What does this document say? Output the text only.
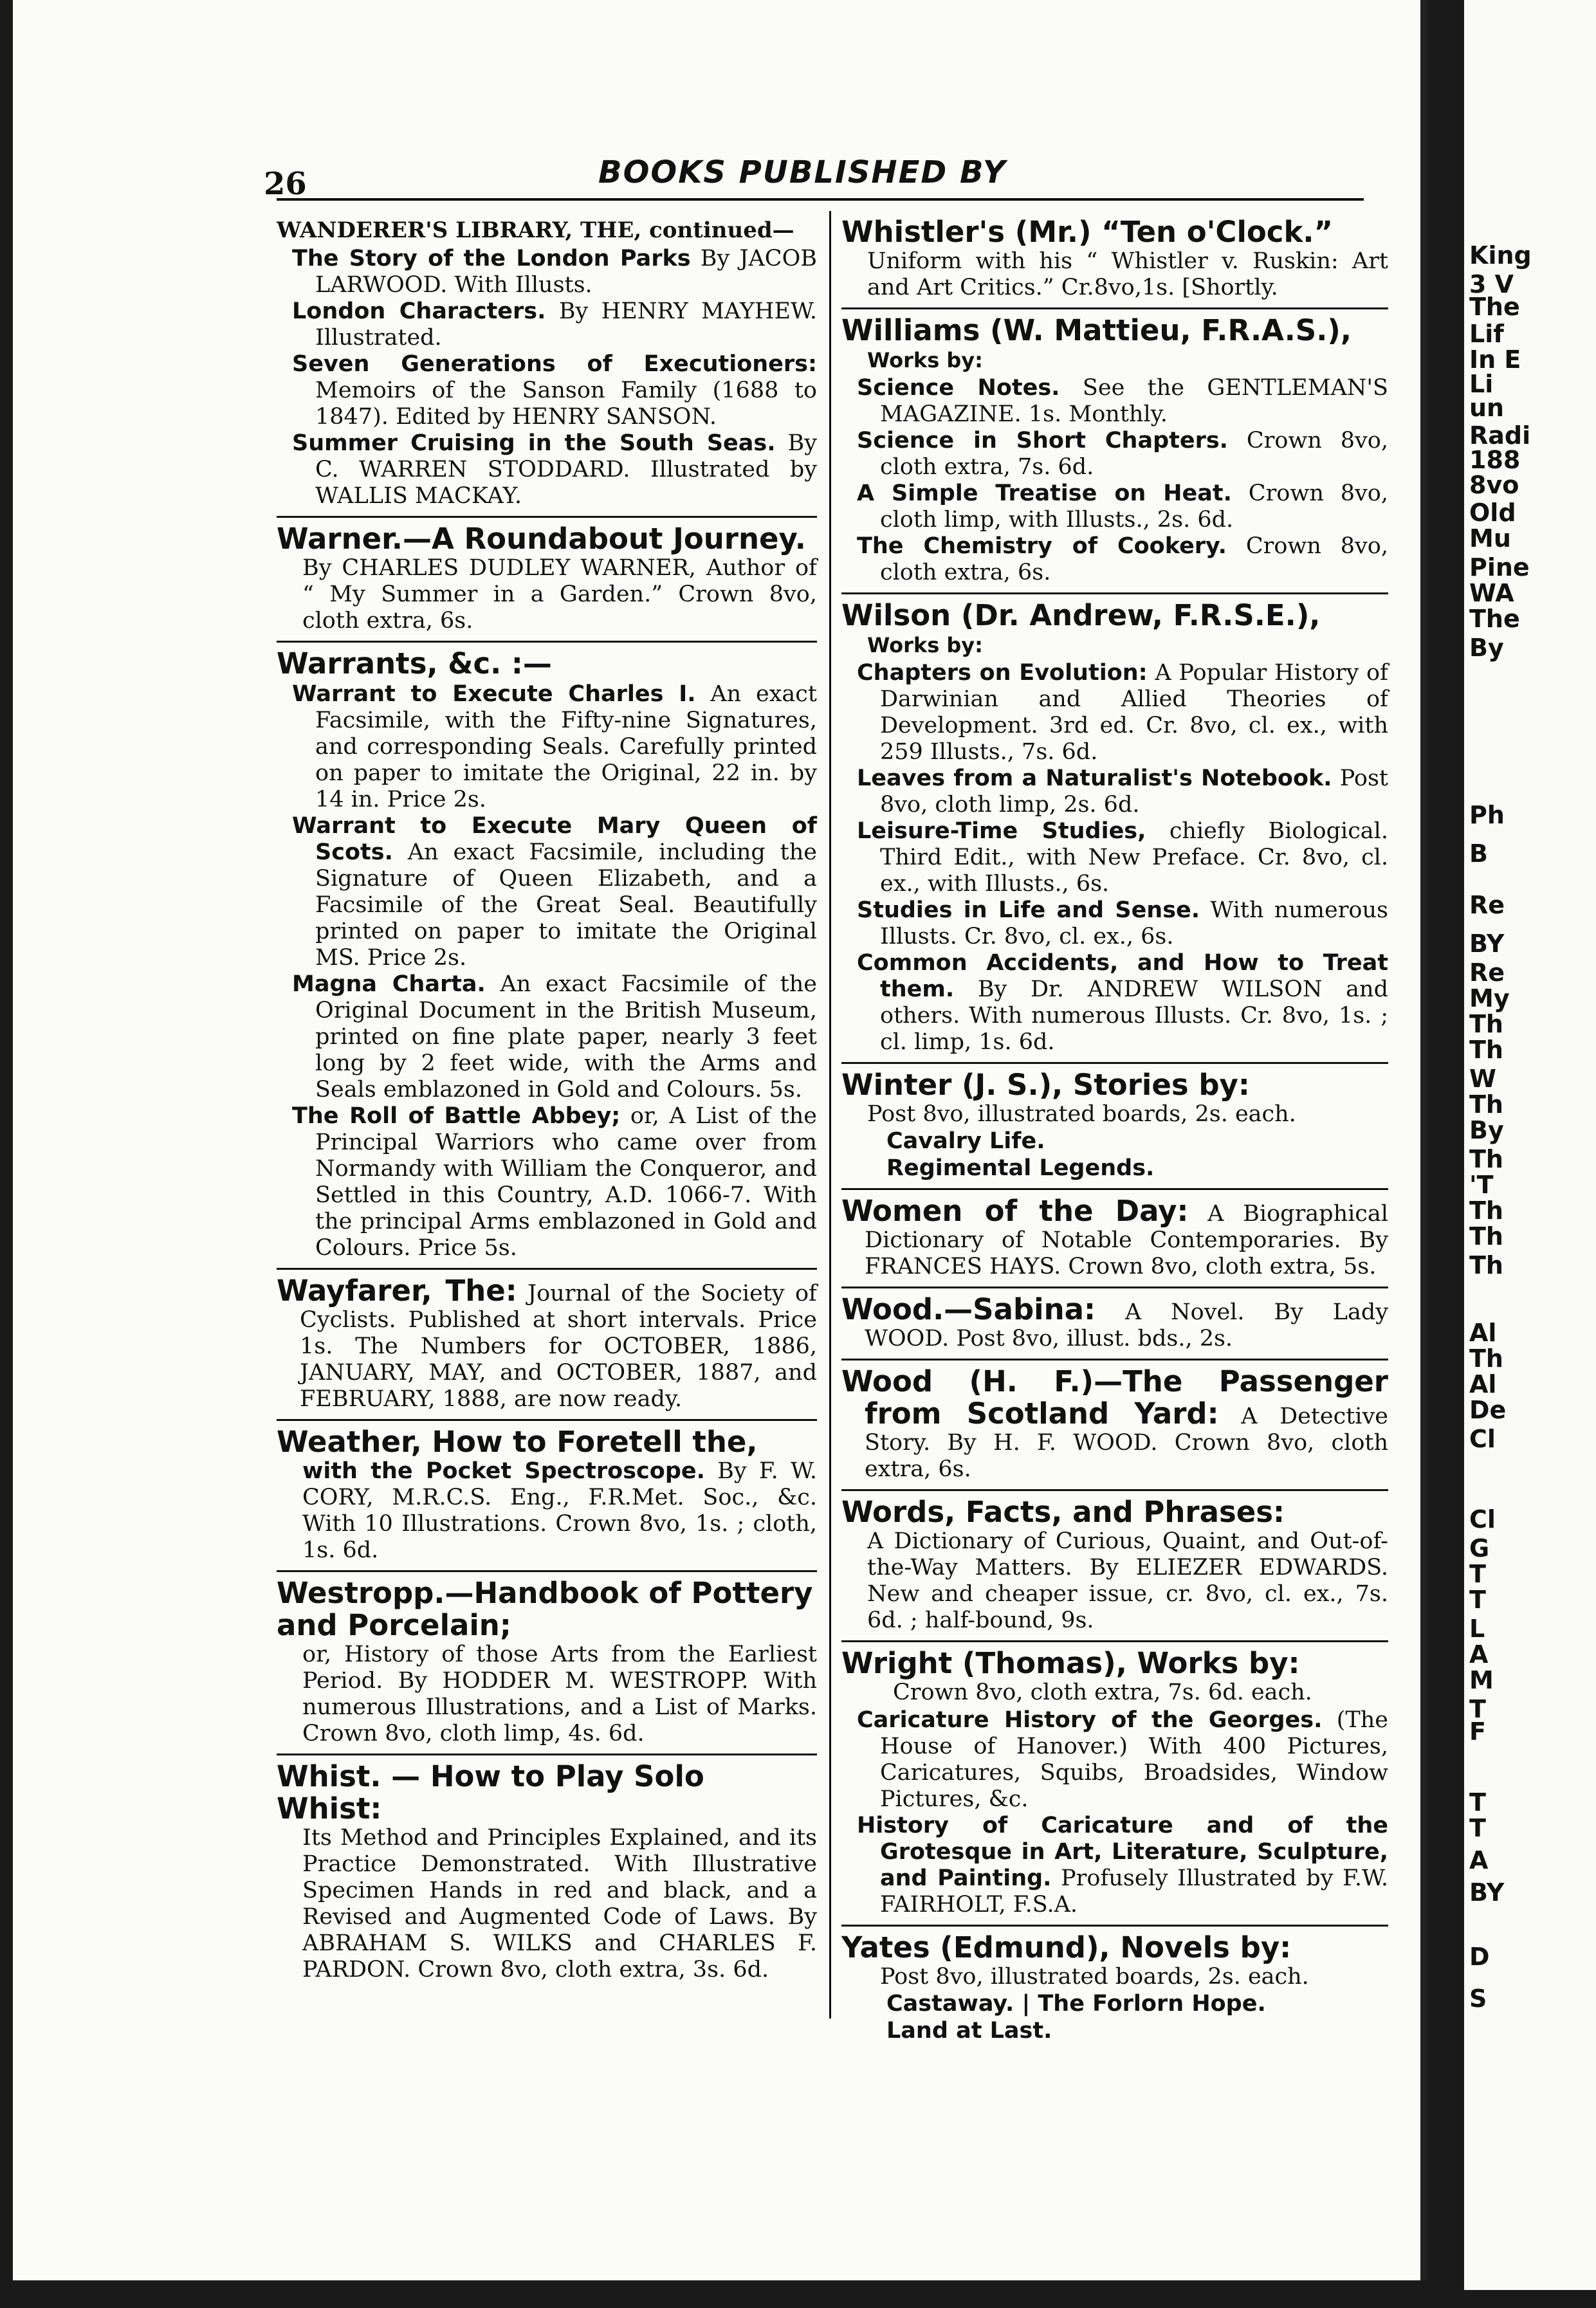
King
3 V
The
Lif
In E
Li
un
Radi
188
8vo
Old
Mu
Pine
WA
The
By
Ph
B
Re
BY
Re
My
Th
Th
W
Th
By
Th
'T
Th
Th
Th
Al
Th
Al
De
Cl
Cl
G
T
T
L
A
M
T
T
T
A
BY
D
S
F
26	BOOKS PUBLISHED BY
WANDERER'S LIBRARY, THE, continued—

The Story of the London Parks By JACOB LARWOOD. With Illusts.

London Characters. By HENRY MAYHEW. Illustrated.

Seven Generations of Executioners: Memoirs of the Sanson Family (1688 to 1847). Edited by HENRY SANSON.

Summer Cruising in the South Seas. By C. WARREN STODDARD. Illustrated by WALLIS MACKAY.

Warner.—A Roundabout Journey.
By CHARLES DUDLEY WARNER, Author of “ My Summer in a Garden.” Crown 8vo, cloth extra, 6s.
Warrants, &c. :—

Warrant to Execute Charles I. An exact Facsimile, with the Fifty-nine Signatures, and corresponding Seals. Carefully printed on paper to imitate the Original, 22 in. by 14 in. Price 2s.

Warrant to Execute Mary Queen of Scots. An exact Facsimile, including the Signature of Queen Elizabeth, and a Facsimile of the Great Seal. Beautifully printed on paper to imitate the Original MS. Price 2s.

Magna Charta. An exact Facsimile of the Original Document in the British Museum, printed on fine plate paper, nearly 3 feet long by 2 feet wide, with the Arms and Seals emblazoned in Gold and Colours. 5s.

The Roll of Battle Abbey; or, A List of the Principal Warriors who came over from Normandy with William the Conqueror, and Settled in this Country, A.D. 1066-7. With the principal Arms emblazoned in Gold and Colours. Price 5s.

Wayfarer, The: Journal of the Society of Cyclists. Published at short intervals. Price 1s. The Numbers for OCTOBER, 1886, JANUARY, MAY, and OCTOBER, 1887, and FEBRUARY, 1888, are now ready.
Weather, How to Foretell the,
with the Pocket Spectroscope. By F. W. CORY, M.R.C.S. Eng., F.R.Met. Soc., &c. With 10 Illustrations. Crown 8vo, 1s. ; cloth, 1s. 6d.
Westropp.—Handbook of Pottery and Porcelain;
or, History of those Arts from the Earliest Period. By HODDER M. WESTROPP. With numerous Illustrations, and a List of Marks. Crown 8vo, cloth limp, 4s. 6d.
Whist. — How to Play Solo Whist:
Its Method and Principles Explained, and its Practice Demonstrated. With Illustrative Specimen Hands in red and black, and a Revised and Augmented Code of Laws. By ABRAHAM S. WILKS and CHARLES F. PARDON. Crown 8vo, cloth extra, 3s. 6d.
Whistler's (Mr.) “Ten o'Clock.”
Uniform with his “ Whistler v. Ruskin: Art and Art Critics.” Cr.8vo,1s. [Shortly.
Williams (W. Mattieu, F.R.A.S.),
Works by:

Science Notes. See the GENTLEMAN'S MAGAZINE. 1s. Monthly.

Science in Short Chapters. Crown 8vo, cloth extra, 7s. 6d.

A Simple Treatise on Heat. Crown 8vo, cloth limp, with Illusts., 2s. 6d.

The Chemistry of Cookery. Crown 8vo, cloth extra, 6s.

Wilson (Dr. Andrew, F.R.S.E.),
Works by:

Chapters on Evolution: A Popular History of Darwinian and Allied Theories of Development. 3rd ed. Cr. 8vo, cl. ex., with 259 Illusts., 7s. 6d.

Leaves from a Naturalist's Notebook. Post 8vo, cloth limp, 2s. 6d.

Leisure-Time Studies, chiefly Biological. Third Edit., with New Preface. Cr. 8vo, cl. ex., with Illusts., 6s.

Studies in Life and Sense. With numerous Illusts. Cr. 8vo, cl. ex., 6s.

Common Accidents, and How to Treat them. By Dr. ANDREW WILSON and others. With numerous Illusts. Cr. 8vo, 1s. ; cl. limp, 1s. 6d.

Winter (J. S.), Stories by:
Post 8vo, illustrated boards, 2s. each.
Cavalry Life.
Regimental Legends.
Women of the Day: A Biographical Dictionary of Notable Contemporaries. By FRANCES HAYS. Crown 8vo, cloth extra, 5s.
Wood.—Sabina: A Novel. By Lady WOOD. Post 8vo, illust. bds., 2s.
Wood (H. F.)—The Passenger from Scotland Yard: A Detective Story. By H. F. WOOD. Crown 8vo, cloth extra, 6s.
Words, Facts, and Phrases:
A Dictionary of Curious, Quaint, and Out-of-the-Way Matters. By ELIEZER EDWARDS. New and cheaper issue, cr. 8vo, cl. ex., 7s. 6d. ; half-bound, 9s.
Wright (Thomas), Works by:
Crown 8vo, cloth extra, 7s. 6d. each.

Caricature History of the Georges. (The House of Hanover.) With 400 Pictures, Caricatures, Squibs, Broadsides, Window Pictures, &c.

History of Caricature and of the Grotesque in Art, Literature, Sculpture, and Painting. Profusely Illustrated by F.W. FAIRHOLT, F.S.A.

Yates (Edmund), Novels by:
Post 8vo, illustrated boards, 2s. each.
Castaway. | The Forlorn Hope.
Land at Last.
